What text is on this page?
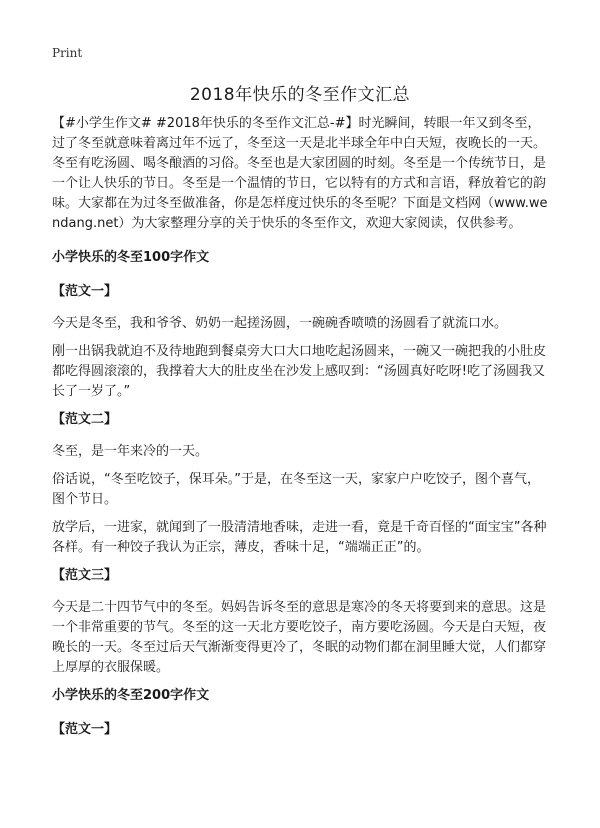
Print
2018年快乐的冬至作文汇总

【#小学生作文# #2018年快乐的冬至作文汇总-#】时光瞬间，转眼一年又到冬至，过了冬至就意味着离过年不远了，冬至这一天是北半球全年中白天短，夜晚长的一天。冬至有吃汤圆、喝冬酿酒的习俗。冬至也是大家团圆的时刻。冬至是一个传统节日，是一个让人快乐的节日。冬至是一个温情的节日，它以特有的方式和言语，释放着它的韵味。大家都在为过冬至做准备，你是怎样度过快乐的冬至呢？下面是文档网（www.wendang.net）为大家整理分享的关于快乐的冬至作文，欢迎大家阅读，仅供参考。

小学快乐的冬至100字作文
【范文一】

今天是冬至，我和爷爷、奶奶一起搓汤圆，一碗碗香喷喷的汤圆看了就流口水。

刚一出锅我就迫不及待地跑到餐桌旁大口大口地吃起汤圆来，一碗又一碗把我的小肚皮都吃得圆滚滚的，我撑着大大的肚皮坐在沙发上感叹到：“汤圆真好吃呀!吃了汤圆我又长了一岁了。”

【范文二】

冬至，是一年来冷的一天。

俗话说，“冬至吃饺子，保耳朵。”于是，在冬至这一天，家家户户吃饺子，图个喜气，图个节日。

放学后，一进家，就闻到了一股清清地香味，走进一看，竟是千奇百怪的“面宝宝”各种各样。有一种饺子我认为正宗，薄皮，香味十足，“端端正正”的。

【范文三】

今天是二十四节气中的冬至。妈妈告诉冬至的意思是寒冷的冬天将要到来的意思。这是一个非常重要的节气。冬至的这一天北方要吃饺子，南方要吃汤圆。今天是白天短，夜晚长的一天。冬至过后天气渐渐变得更冷了，冬眠的动物们都在洞里睡大觉，人们都穿上厚厚的衣服保暖。

小学快乐的冬至200字作文
【范文一】
